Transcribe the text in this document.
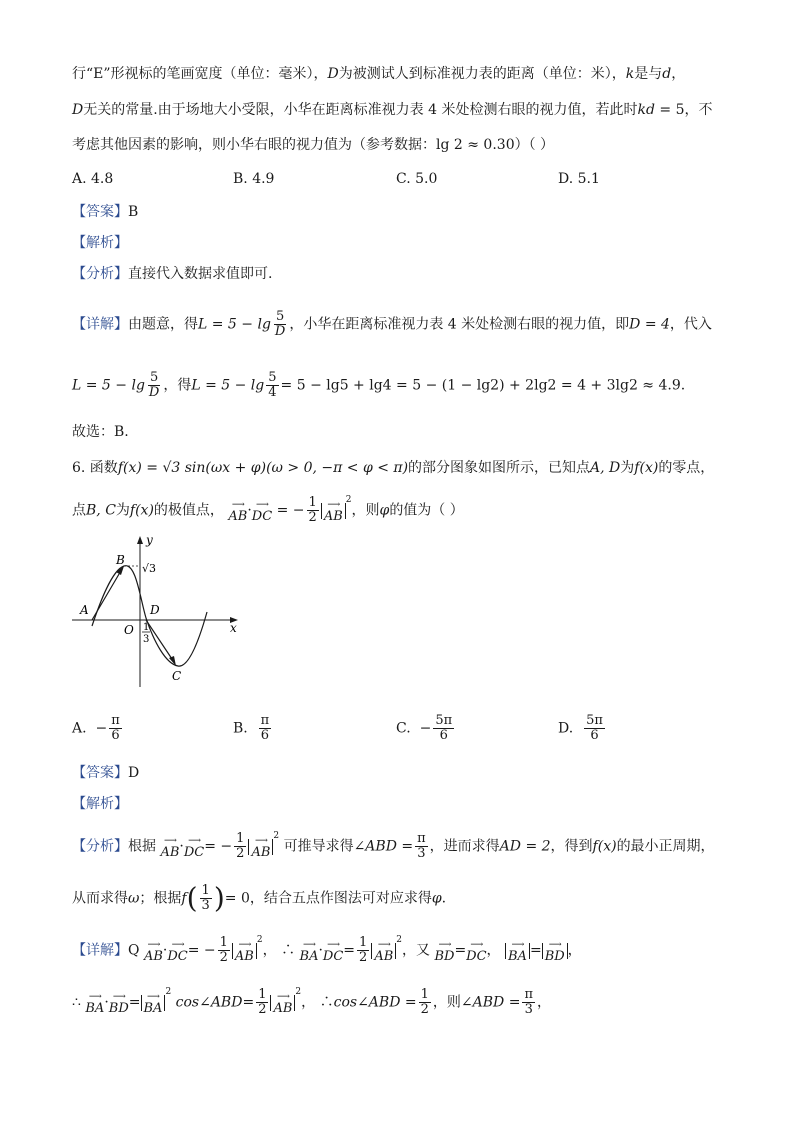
行“E”形视标的笔画宽度（单位：毫米），D为被测试人到标准视力表的距离（单位：米），k是与d，
D无关的常量.由于场地大小受限，小华在距离标准视力表 4 米处检测右眼的视力值，若此时kd = 5，不
考虑其他因素的影响，则小华右眼的视力值为（参考数据：lg 2 ≈ 0.30）（ ）
A. 4.8	B. 4.9	C. 5.0	D. 5.1
【答案】B
【解析】
【分析】直接代入数据求值即可.
【详解】由题意，得$L = 5 - \lg \frac{5}{D}$ ，小华在距离标准视力表 4 米处检测右眼的视力值，即D = 4，代入
$L = 5 - \lg \frac{5}{D}$ ，得$L = 5 - \lg \frac{5}{4} = 5 - \lg 5 + \lg 4 = 5 - (1 - \lg 2) + 2\lg 2 = 4 + 3\lg 2 \approx 4.9$.
故选：B.
6. 函数f(x) = √3 sin(ωx + φ)(ω > 0, −π < φ < π)的部分图象如图所示，已知点A, D为f(x)的零点，
点B, C为f(x)的极值点， ⟶
AB · ⟶
DC = − $\frac{1}{2}$ ⟶
AB
$^2$，则φ的值为（ ）
y
x
O
A
B
C
D
√3
1
3
A. − $\frac{\pi}{6}$	B. $\frac{\pi}{6}$	C. − $\frac{5\pi}{6}$	D. $\frac{5\pi}{6}$
【答案】D
【解析】
【分析】根据 ⟶
AB · ⟶
DC = − $\frac{1}{2}$ ⟶
AB
$^2$ 可推导求得∠ABD = $\frac{\pi}{3}$ ，进而求得AD = 2，得到f(x)的最小正周期，
从而求得ω；根据$f( \frac{1}{3}$ )= 0，结合五点作图法可对应求得φ.
【详解】Q ⟶
AB · ⟶
DC = − $\frac{1}{2}$ ⟶
AB
$^2$， ∴ ⟶
BA · ⟶
DC = $\frac{1}{2}$ ⟶
AB
$^2$，又 ⟶
BD = ⟶
DC ， ⟶
BA = ⟶
BD ，
∴ ⟶
BA · ⟶
BD = ⟶
BA
$^2$ cos∠ABD= $\frac{1}{2}$ ⟶
AB
$^2$， ∴cos∠ABD = $\frac{1}{2}$ ，则∠ABD = $\frac{\pi}{3}$ ，
